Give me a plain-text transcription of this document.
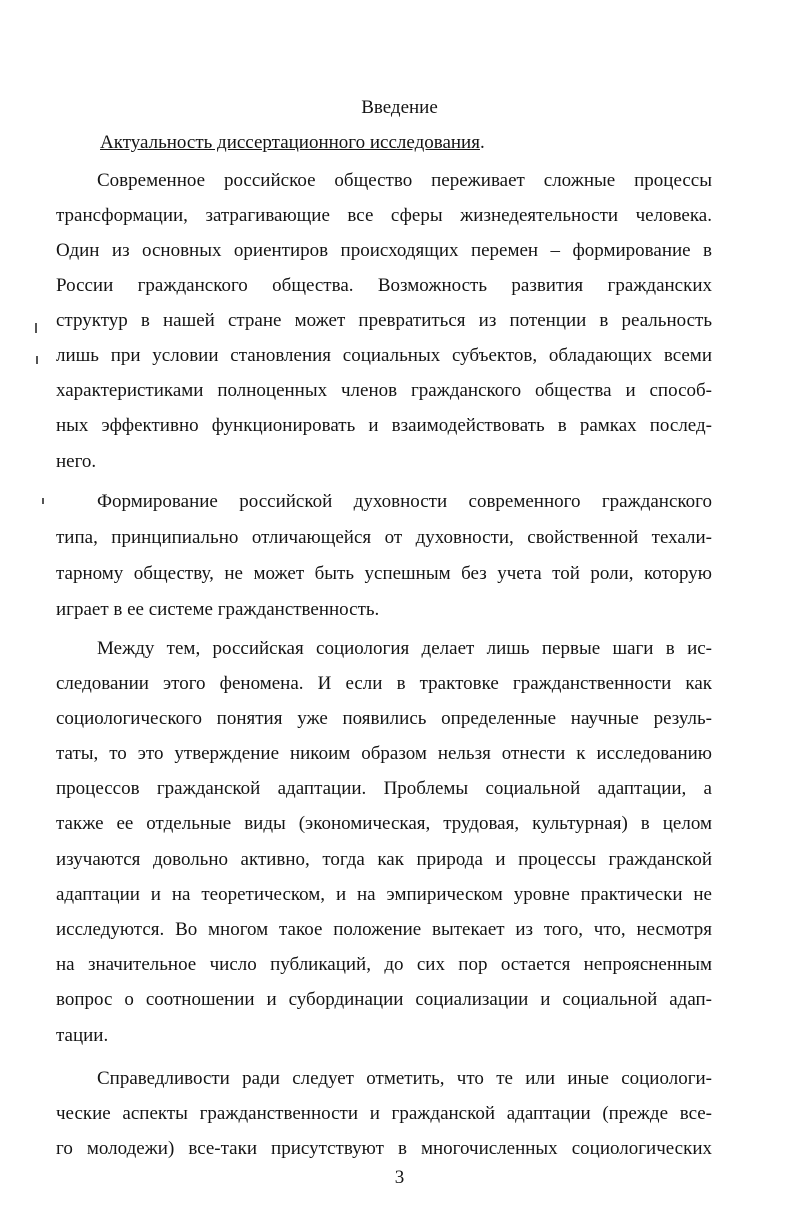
Введение
Актуальность диссертационного исследования.
Современное российское общество переживает сложные процессы
трансформации, затрагивающие все сферы жизнедеятельности человека.
Один из основных ориентиров происходящих перемен – формирование в
России гражданского общества. Возможность развития гражданских
структур в нашей стране может превратиться из потенции в реальность
лишь при условии становления социальных субъектов, обладающих всеми
характеристиками полноценных членов гражданского общества и способ-
ных эффективно функционировать и взаимодействовать в рамках послед-
него.
Формирование российской духовности современного гражданского
типа, принципиально отличающейся от духовности, свойственной техали-
тарному обществу, не может быть успешным без учета той роли, которую
играет в ее системе гражданственность.
Между тем, российская социология делает лишь первые шаги в ис-
следовании этого феномена. И если в трактовке гражданственности как
социологического понятия уже появились определенные научные резуль-
таты, то это утверждение никоим образом нельзя отнести к исследованию
процессов гражданской адаптации. Проблемы социальной адаптации, а
также ее отдельные виды (экономическая, трудовая, культурная) в целом
изучаются довольно активно, тогда как природа и процессы гражданской
адаптации и на теоретическом, и на эмпирическом уровне практически не
исследуются. Во многом такое положение вытекает из того, что, несмотря
на значительное число публикаций, до сих пор остается непроясненным
вопрос о соотношении и субординации социализации и социальной адап-
тации.
Справедливости ради следует отметить, что те или иные социологи-
ческие аспекты гражданственности и гражданской адаптации (прежде все-
го молодежи) все-таки присутствуют в многочисленных социологических
3
